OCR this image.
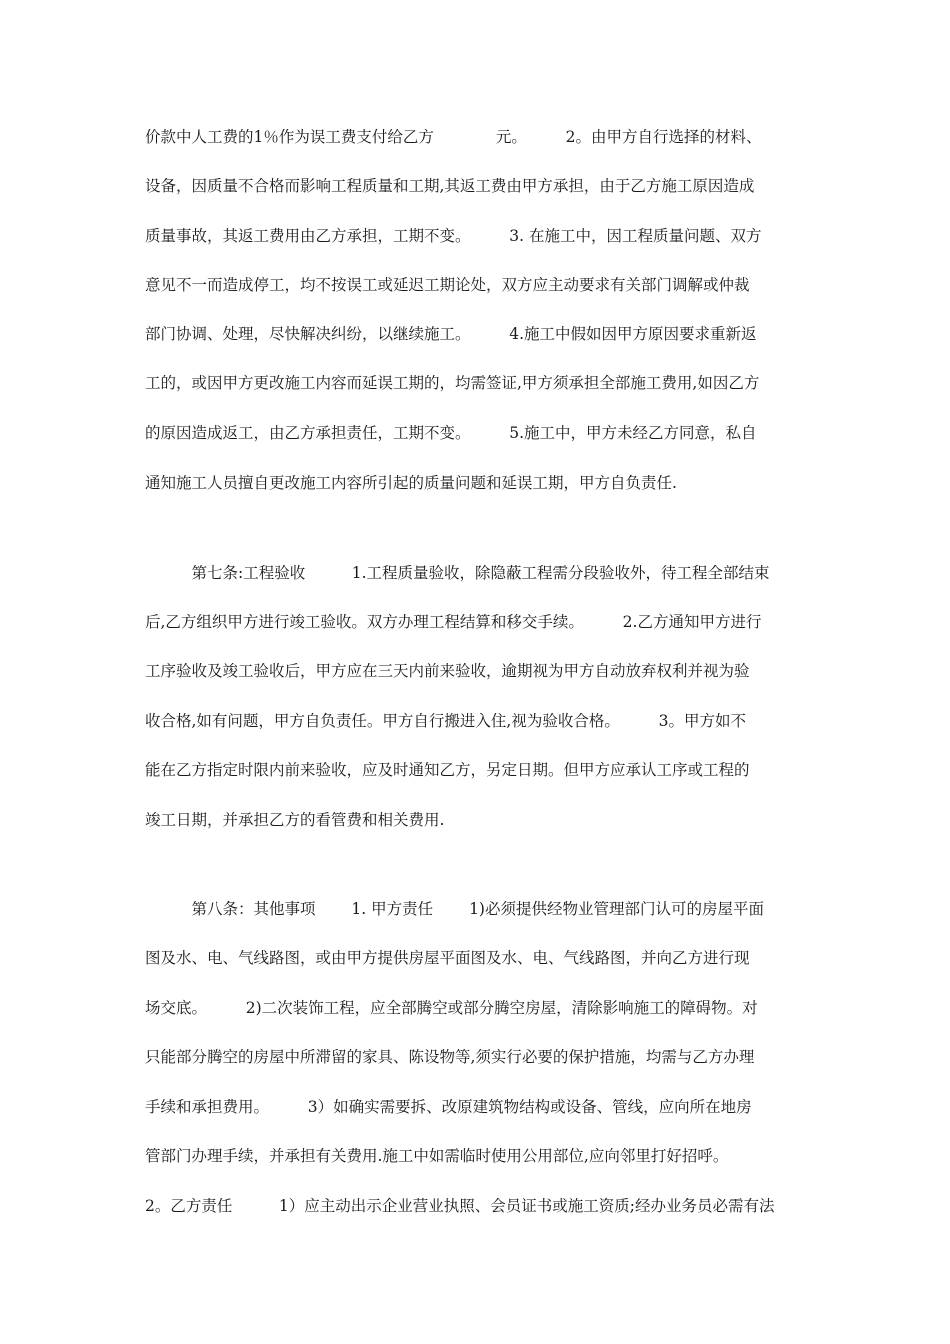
价款中人工费的1％作为误工费支付给乙方　　　　元。　　　2。由甲方自行选择的材料、
设备，因质量不合格而影响工程质量和工期,其返工费由甲方承担，由于乙方施工原因造成
质量事故，其返工费用由乙方承担，工期不变。　　　3. 在施工中，因工程质量问题、双方
意见不一而造成停工，均不按误工或延迟工期论处，双方应主动要求有关部门调解或仲裁
部门协调、处理，尽快解决纠纷，以继续施工。　　　4.施工中假如因甲方原因要求重新返
工的，或因甲方更改施工内容而延误工期的，均需签证,甲方须承担全部施工费用,如因乙方
的原因造成返工，由乙方承担责任，工期不变。　　　5.施工中，甲方未经乙方同意，私自
通知施工人员擅自更改施工内容所引起的质量问题和延误工期，甲方自负责任.
　　　第七条:工程验收　　　1.工程质量验收，除隐蔽工程需分段验收外，待工程全部结束
后,乙方组织甲方进行竣工验收。双方办理工程结算和移交手续。　　　2.乙方通知甲方进行
工序验收及竣工验收后，甲方应在三天内前来验收，逾期视为甲方自动放弃权利并视为验
收合格,如有问题，甲方自负责任。甲方自行搬进入住,视为验收合格。　　　3。甲方如不
能在乙方指定时限内前来验收，应及时通知乙方，另定日期。但甲方应承认工序或工程的
竣工日期，并承担乙方的看管费和相关费用.
　　　第八条：其他事项　　 1. 甲方责任　　 1)必须提供经物业管理部门认可的房屋平面
图及水、电、气线路图，或由甲方提供房屋平面图及水、电、气线路图，并向乙方进行现
场交底。　　　2)二次装饰工程，应全部腾空或部分腾空房屋，清除影响施工的障碍物。对
只能部分腾空的房屋中所滞留的家具、陈设物等,须实行必要的保护措施，均需与乙方办理
手续和承担费用。　　　3）如确实需要拆、改原建筑物结构或设备、管线，应向所在地房
管部门办理手续，并承担有关费用.施工中如需临时使用公用部位,应向邻里打好招呼。
2。乙方责任　　　1）应主动出示企业营业执照、会员证书或施工资质;经办业务员必需有法
